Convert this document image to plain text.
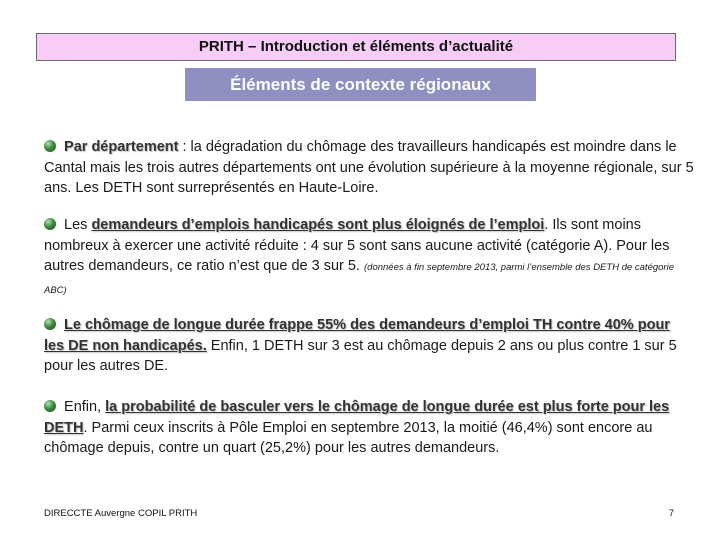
PRITH – Introduction et éléments d’actualité
Éléments de contexte régionaux
Par département : la dégradation du chômage des travailleurs handicapés est moindre dans le Cantal mais les trois autres départements ont une évolution supérieure à la moyenne régionale, sur 5 ans. Les DETH sont surreprésentés en Haute-Loire.
Les demandeurs d’emplois handicapés sont plus éloignés de l’emploi. Ils sont moins nombreux à exercer une activité réduite : 4 sur 5 sont sans aucune activité (catégorie A). Pour les autres demandeurs, ce ratio n’est que de 3 sur 5. (données à fin septembre 2013, parmi l’ensemble des DETH de catégorie ABC)
Le chômage de longue durée frappe 55% des demandeurs d’emploi TH contre 40% pour les DE non handicapés. Enfin, 1 DETH sur 3 est au chômage depuis 2 ans ou plus contre 1 sur 5 pour les autres DE.
Enfin, la probabilité de basculer vers le chômage de longue durée est plus forte pour les DETH. Parmi ceux inscrits à Pôle Emploi en septembre 2013, la moitié (46,4%) sont encore au chômage depuis, contre un quart (25,2%) pour les autres demandeurs.
DIRECCTE Auvergne COPIL PRITH	7
